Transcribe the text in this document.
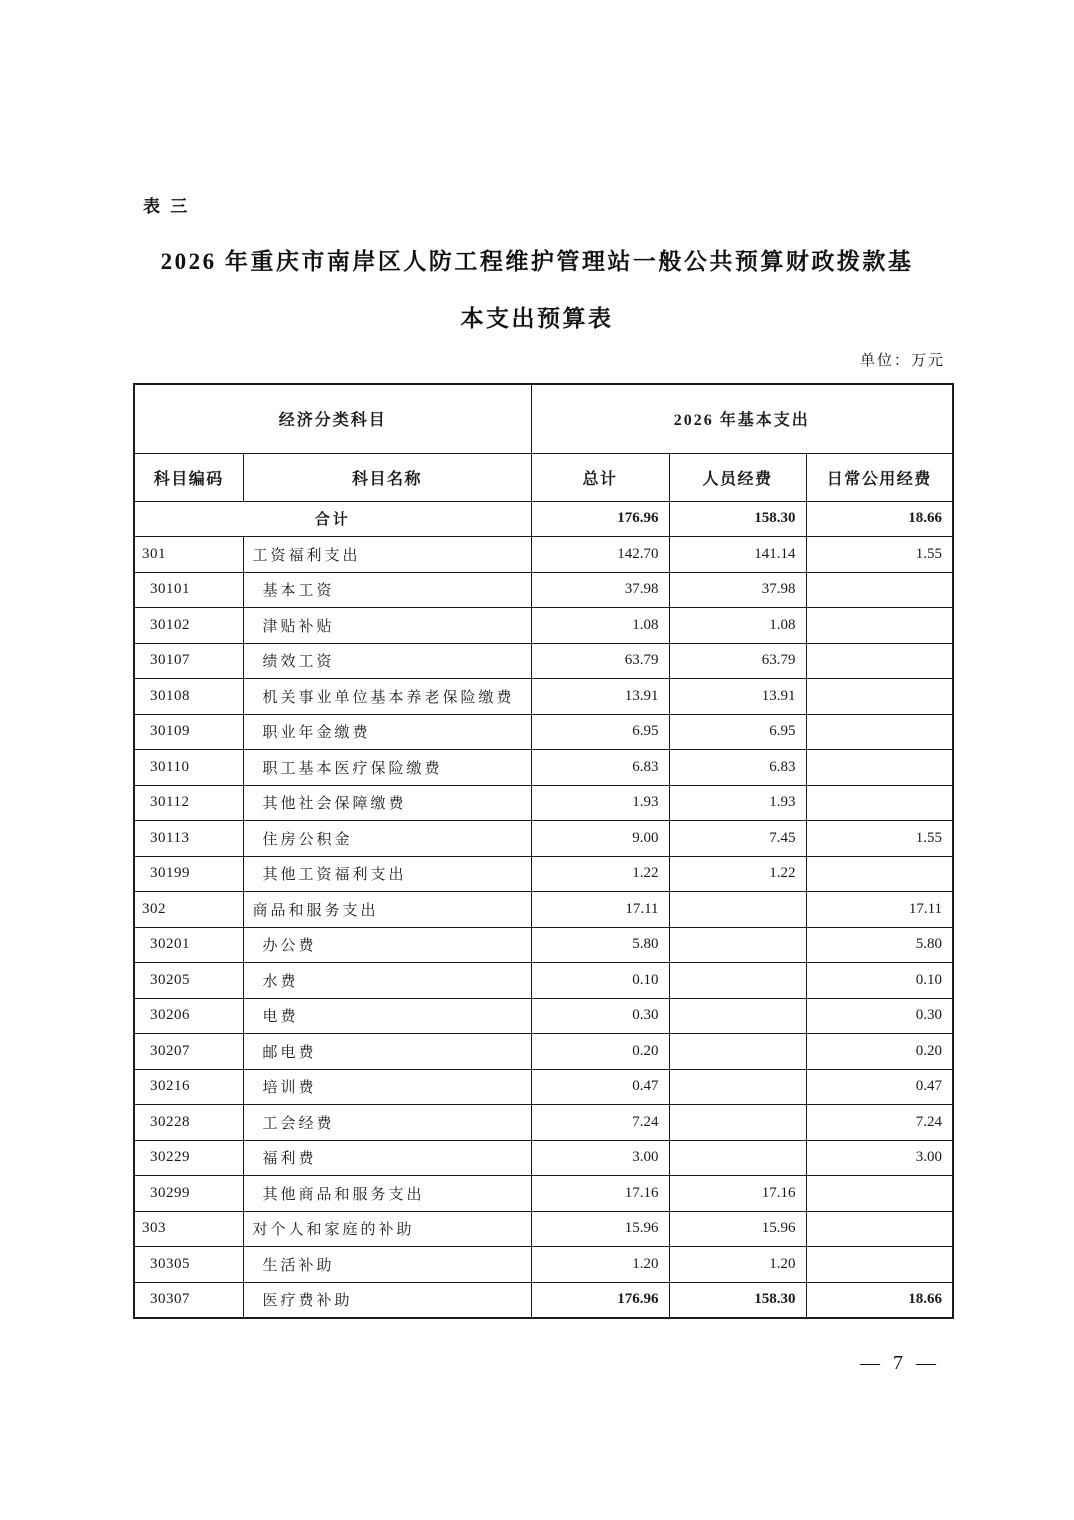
表 三
2026 年重庆市南岸区人防工程维护管理站一般公共预算财政拨款基
本支出预算表
单位：万元
经济分类科目		2026 年基本支出		
科目编码	科目名称	总计	人员经费	日常公用经费
合计		176.96	158.30	18.66
301	工资福利支出	142.70	141.14	1.55
30101	基本工资	37.98	37.98	
30102	津贴补贴	1.08	1.08	
30107	绩效工资	63.79	63.79	
30108	机关事业单位基本养老保险缴费	13.91	13.91	
30109	职业年金缴费	6.95	6.95	
30110	职工基本医疗保险缴费	6.83	6.83	
30112	其他社会保障缴费	1.93	1.93	
30113	住房公积金	9.00	7.45	1.55
30199	其他工资福利支出	1.22	1.22	
302	商品和服务支出	17.11		17.11
30201	办公费	5.80		5.80
30205	水费	0.10		0.10
30206	电费	0.30		0.30
30207	邮电费	0.20		0.20
30216	培训费	0.47		0.47
30228	工会经费	7.24		7.24
30229	福利费	3.00		3.00
30299	其他商品和服务支出	17.16	17.16	
303	对个人和家庭的补助	15.96	15.96	
30305	生活补助	1.20	1.20	
30307	医疗费补助	176.96	158.30	18.66
— 7 —
